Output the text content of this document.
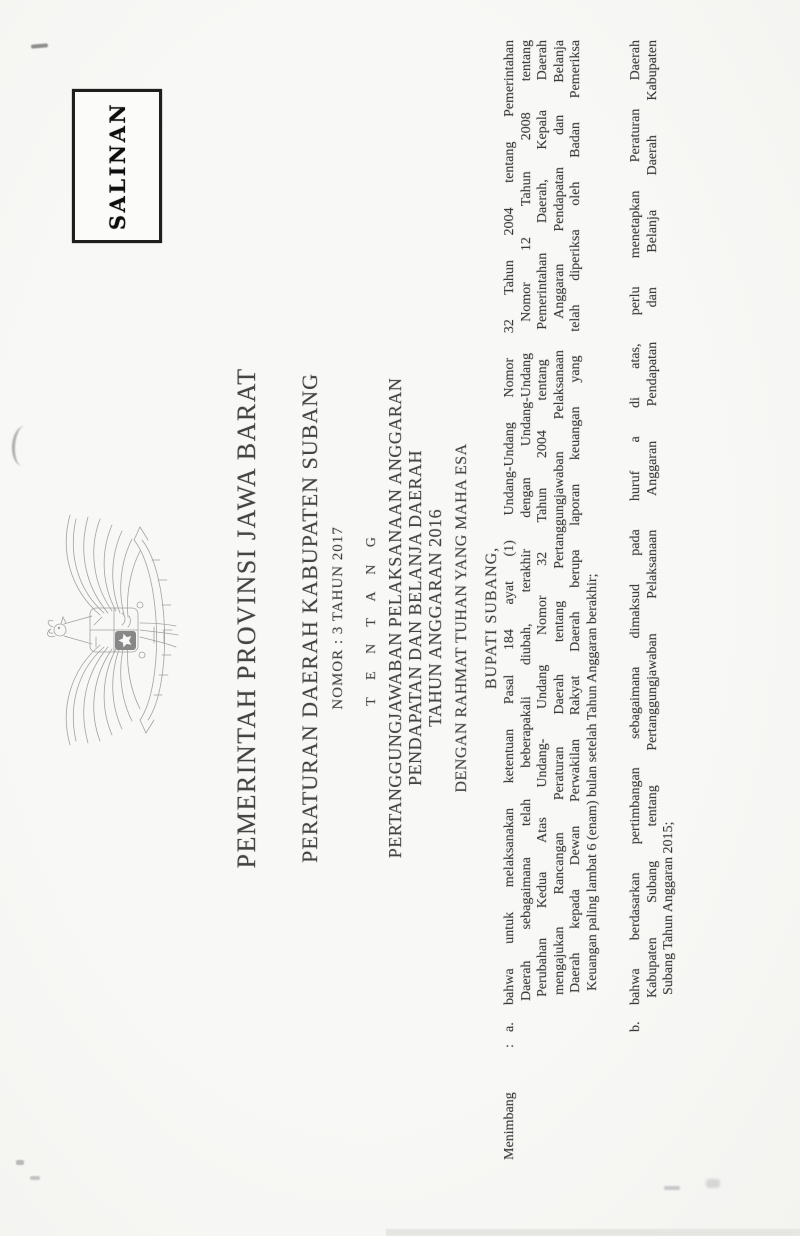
SALINAN
PEMERINTAH PROVINSI JAWA BARAT PERATURAN DAERAH KABUPATEN SUBANG NOMOR : 3 TAHUN 2017 T E N T A N G PERTANGGUNGJAWABAN PELAKSANAAN ANGGARAN PENDAPATAN DAN BELANJA DAERAH TAHUN ANGGARAN 2016 DENGAN RAHMAT TUHAN YANG MAHA ESA BUPATI SUBANG,
Menimbang
:
a.
bahwa untuk melaksanakan ketentuan Pasal 184 ayat (1) Undang-Undang Nomor 32 Tahun 2004 tentang Pemerintahan Daerah sebagaimana telah beberapakali diubah, terakhir dengan Undang-Undang Nomor 12 Tahun 2008 tentang Perubahan Kedua Atas Undang- Undang Nomor 32 Tahun 2004 tentang Pemerintahan Daerah, Kepala Daerah mengajukan Rancangan Peraturan Daerah tentang Pertanggungjawaban Pelaksanaan Anggaran Pendapatan dan Belanja Daerah kepada Dewan Perwakilan Rakyat Daerah berupa laporan keuangan yang telah diperiksa oleh Badan Pemeriksa Keuangan paling lambat 6 (enam) bulan setelah Tahun Anggaran berakhir;
b.
bahwa berdasarkan pertimbangan sebagaimana dimaksud pada huruf a di atas, perlu menetapkan Peraturan Daerah Kabupaten Subang tentang Pertanggungjawaban Pelaksanaan Anggaran Pendapatan dan Belanja Daerah Kabupaten Subang Tahun Anggaran 2015;
